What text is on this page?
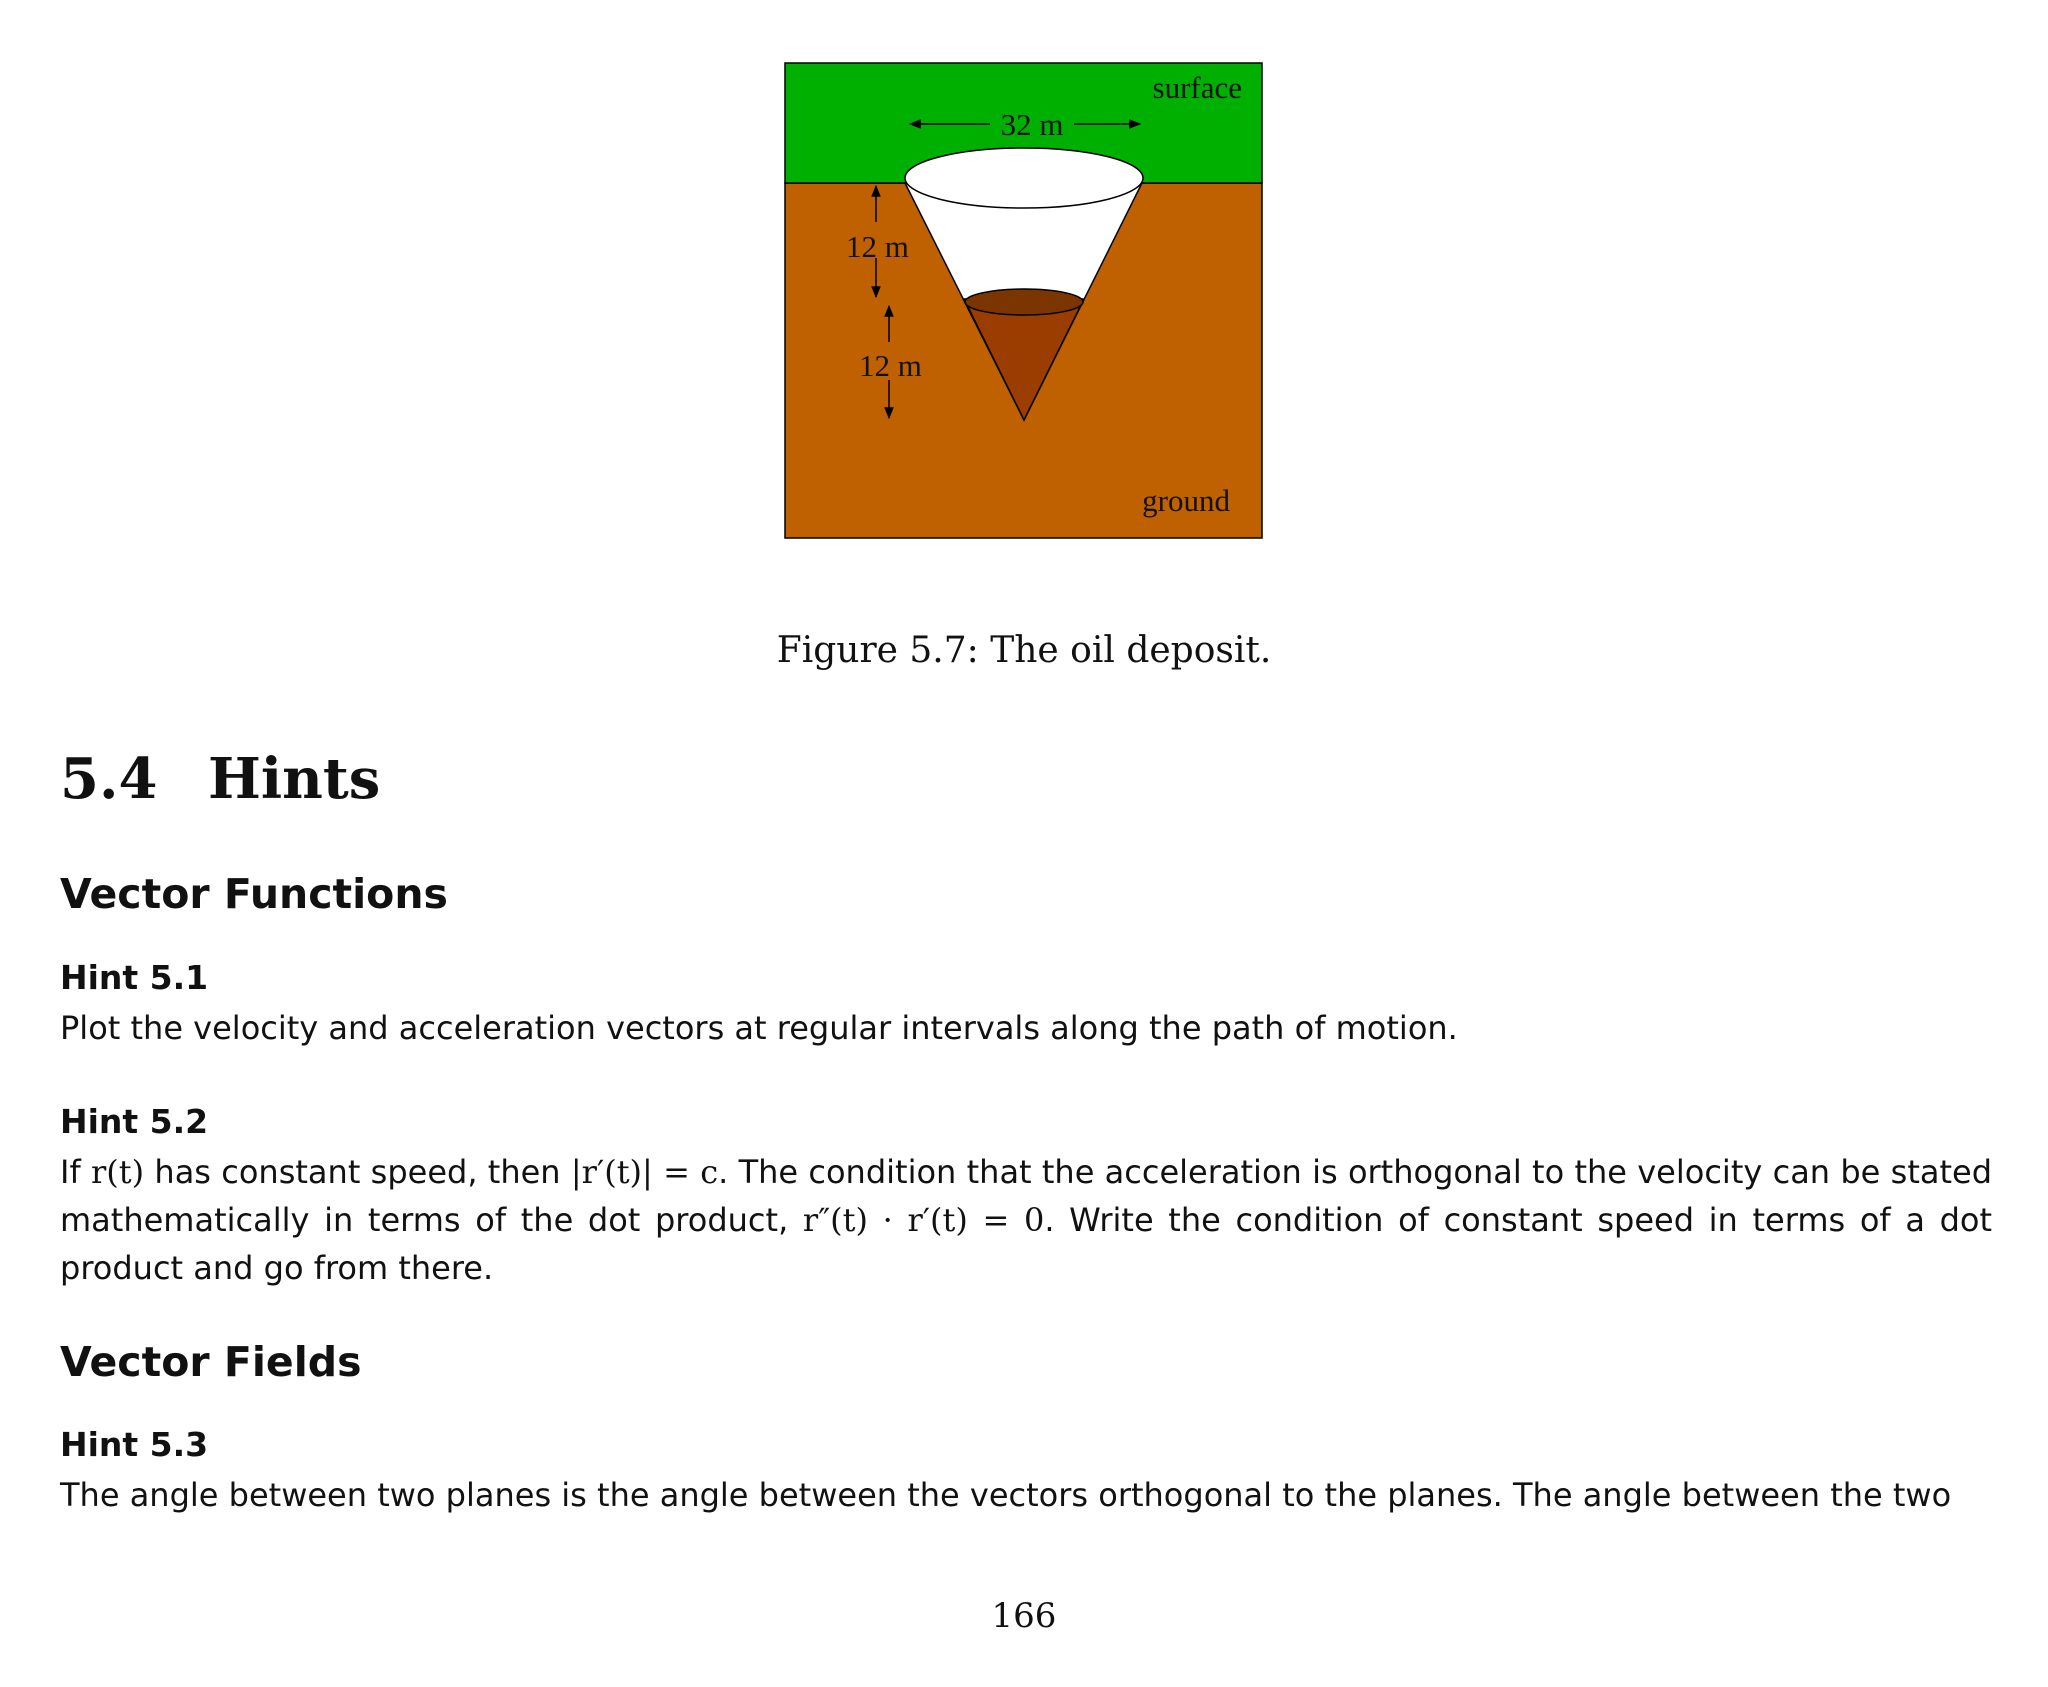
32 m
surface
12 m
12 m
ground
Figure 5.7: The oil deposit.
5.4 Hints
Vector Functions
Hint 5.1
Plot the velocity and acceleration vectors at regular intervals along the path of motion.
Hint 5.2
If r(t) has constant speed, then |r′(t)| = c. The condition that the acceleration is orthogonal to the velocity can be stated mathematically in terms of the dot product, r″(t) · r′(t) = 0. Write the condition of constant speed in terms of a dot product and go from there.
Vector Fields
Hint 5.3
The angle between two planes is the angle between the vectors orthogonal to the planes. The angle between the two
166
